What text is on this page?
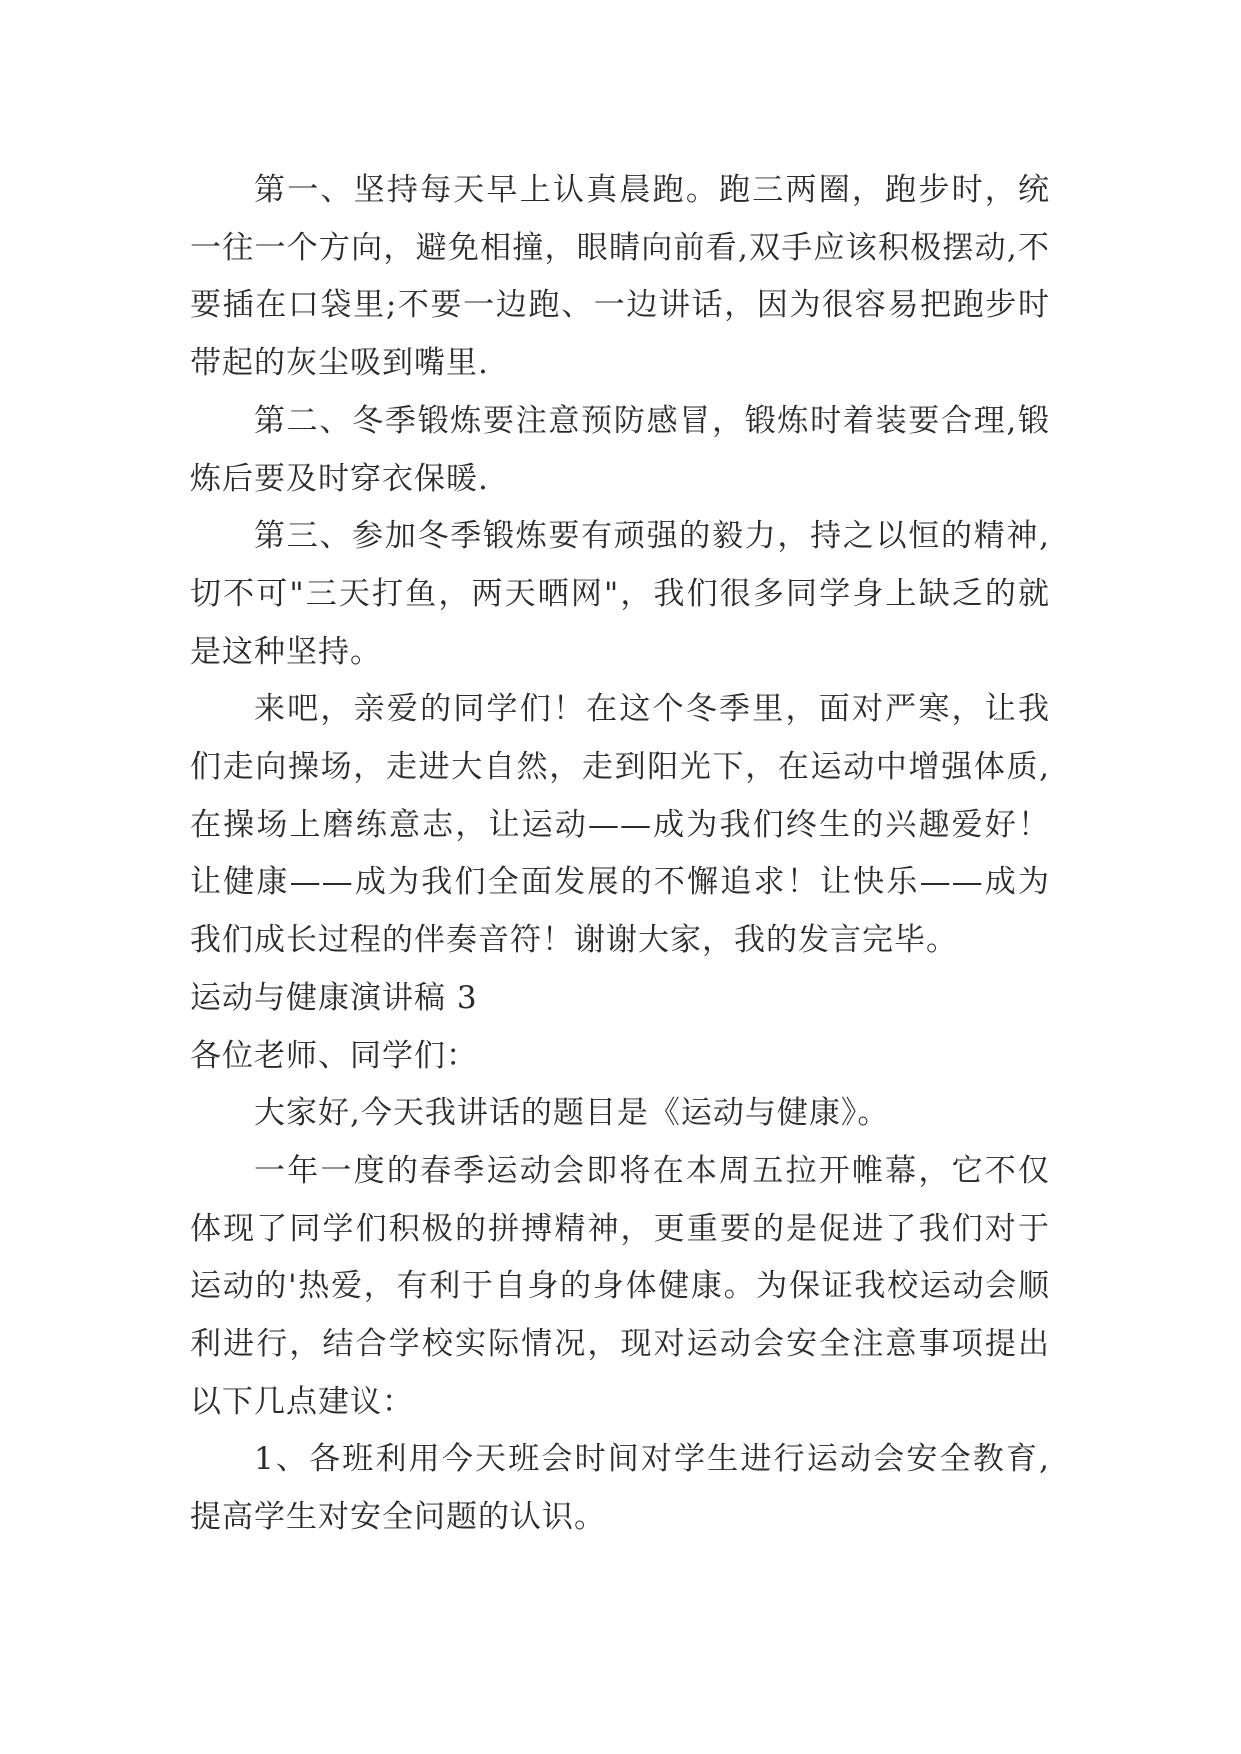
第一、坚持每天早上认真晨跑。跑三两圈，跑步时，统一往一个方向，避免相撞，眼睛向前看,双手应该积极摆动,不要插在口袋里;不要一边跑、一边讲话，因为很容易把跑步时带起的灰尘吸到嘴里.

第二、冬季锻炼要注意预防感冒，锻炼时着装要合理,锻炼后要及时穿衣保暖.

第三、参加冬季锻炼要有顽强的毅力，持之以恒的精神,切不可"三天打鱼，两天晒网"，我们很多同学身上缺乏的就是这种坚持。

来吧，亲爱的同学们！在这个冬季里，面对严寒，让我们走向操场，走进大自然，走到阳光下，在运动中增强体质,在操场上磨练意志，让运动——成为我们终生的兴趣爱好！让健康——成为我们全面发展的不懈追求！让快乐——成为我们成长过程的伴奏音符！谢谢大家，我的发言完毕。

运动与健康演讲稿 3

各位老师、同学们：

大家好,今天我讲话的题目是《运动与健康》。

一年一度的春季运动会即将在本周五拉开帷幕，它不仅体现了同学们积极的拼搏精神，更重要的是促进了我们对于运动的'热爱，有利于自身的身体健康。为保证我校运动会顺利进行，结合学校实际情况，现对运动会安全注意事项提出以下几点建议：

1、各班利用今天班会时间对学生进行运动会安全教育,提高学生对安全问题的认识。
